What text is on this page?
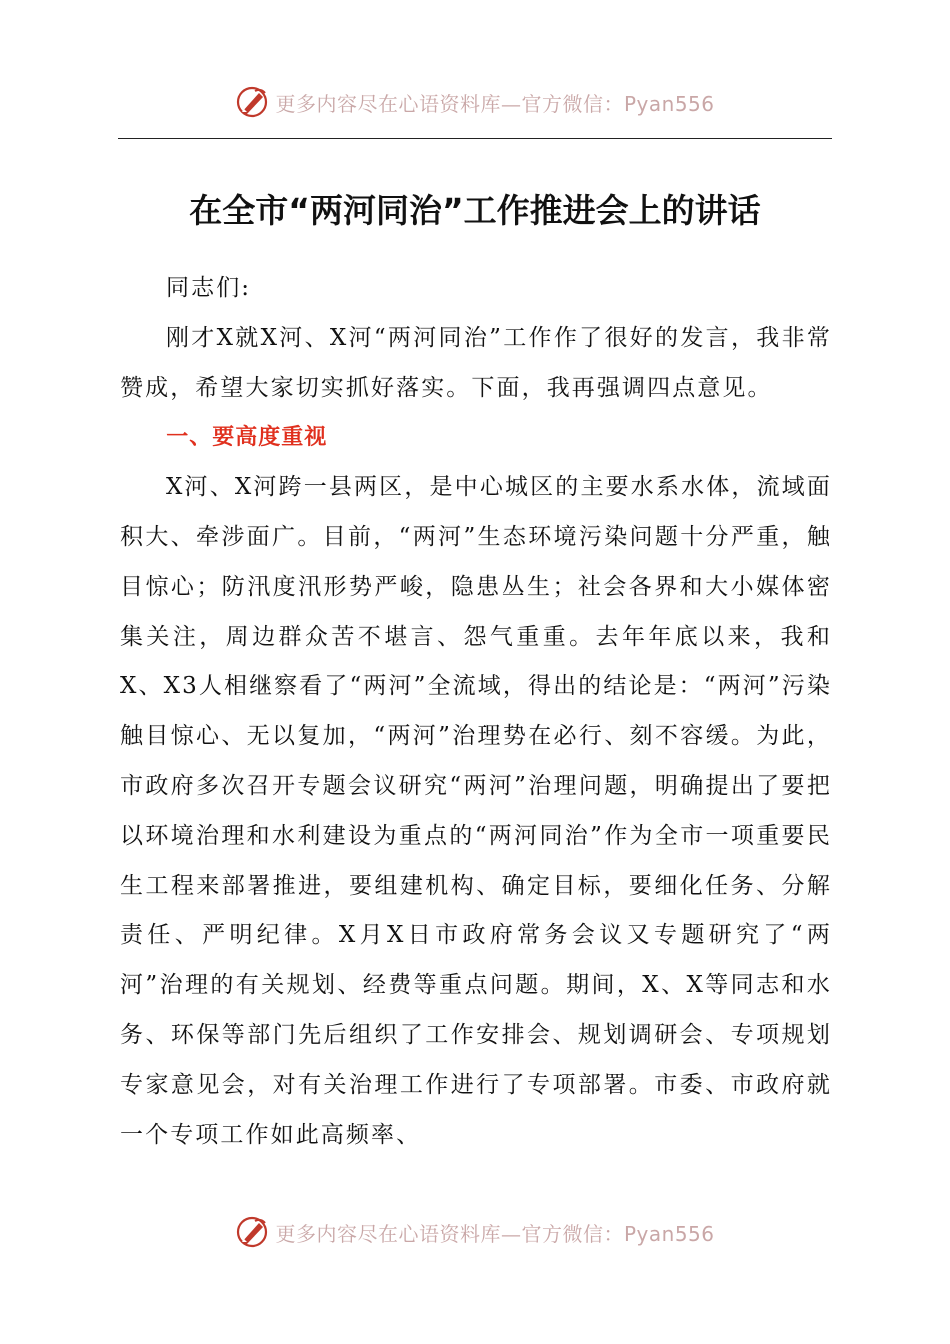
更多内容尽在心语资料库—官方微信：Pyan556
在全市“两河同治”工作推进会上的讲话

同志们:

刚才X就X河、X河“两河同治”工作作了很好的发言，我非常赞成，希望大家切实抓好落实。下面，我再强调四点意见。

一、要高度重视

X河、X河跨一县两区，是中心城区的主要水系水体，流域面积大、牵涉面广。目前，“两河”生态环境污染问题十分严重，触目惊心；防汛度汛形势严峻，隐患丛生；社会各界和大小媒体密集关注，周边群众苦不堪言、怨气重重。去年年底以来，我和X、X3人相继察看了“两河”全流域，得出的结论是：“两河”污染触目惊心、无以复加，“两河”治理势在必行、刻不容缓。为此，市政府多次召开专题会议研究“两河”治理问题，明确提出了要把以环境治理和水利建设为重点的“两河同治”作为全市一项重要民生工程来部署推进，要组建机构、确定目标，要细化任务、分解责任、严明纪律。X月X日市政府常务会议又专题研究了“两河”治理的有关规划、经费等重点问题。期间，X、X等同志和水务、环保等部门先后组织了工作安排会、规划调研会、专项规划专家意见会，对有关治理工作进行了专项部署。市委、市政府就一个专项工作如此高频率、

更多内容尽在心语资料库—官方微信：Pyan556
